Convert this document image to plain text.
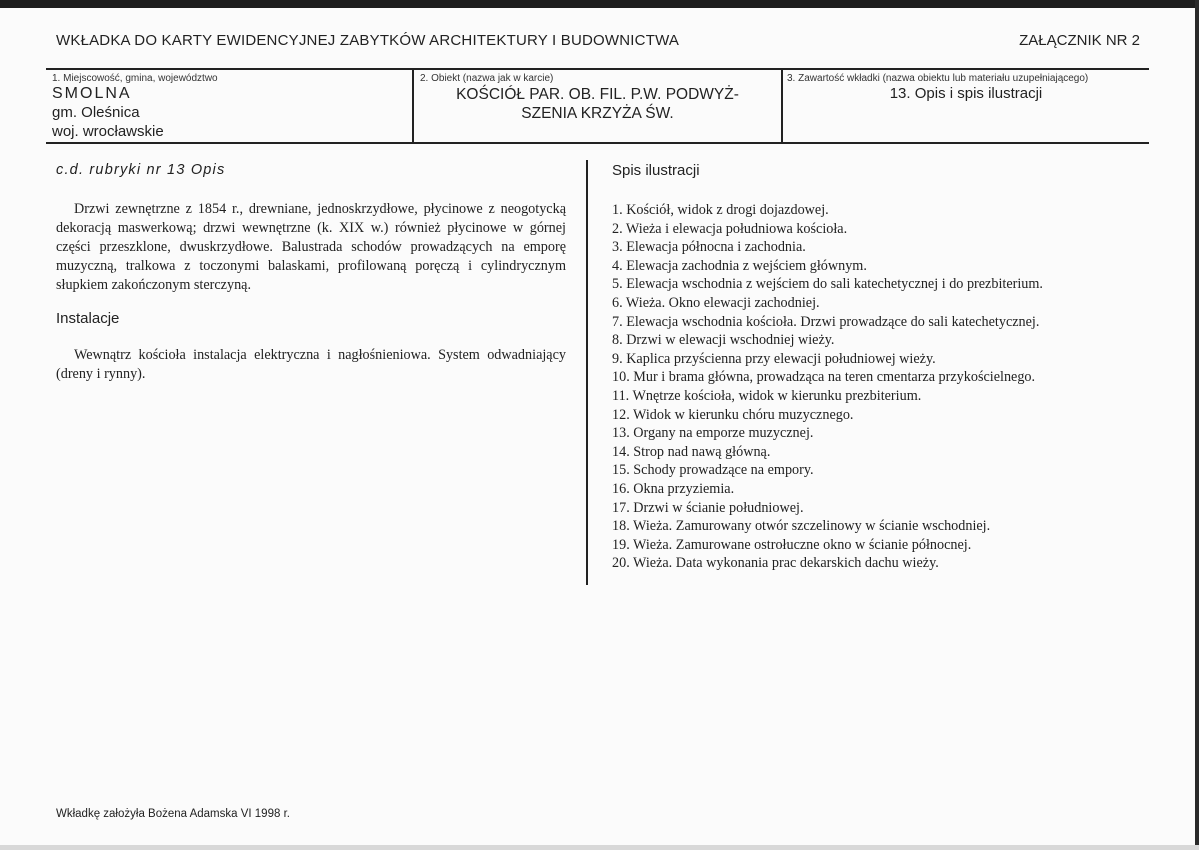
WKŁADKA DO KARTY EWIDENCYJNEJ ZABYTKÓW ARCHITEKTURY I BUDOWNICTWA	ZAŁĄCZNIK NR 2
1. Miejscowość, gmina, województwo
SMOLNA
gm. Oleśnica
woj. wrocławskie
2. Obiekt (nazwa jak w karcie)
KOŚCIÓŁ PAR. OB. FIL. P.W. PODWYŻ-
SZENIA KRZYŻA ŚW.
3. Zawartość wkładki (nazwa obiektu lub materiału uzupełniającego)
13. Opis i spis ilustracji
c.d. rubryki nr 13 Opis

Drzwi zewnętrzne z 1854 r., drewniane, jednoskrzydłowe, płycinowe z neogotycką dekoracją maswerkową; drzwi wewnętrzne (k. XIX w.) również płycinowe w górnej części przeszklone, dwuskrzydłowe. Balustrada schodów prowadzących na emporę muzyczną, tralkowa z toczonymi balaskami, profilowaną poręczą i cylindrycznym słupkiem zakończonym sterczyną.

Instalacje

Wewnątrz kościoła instalacja elektryczna i nagłośnieniowa. System odwadniający (dreny i rynny).

Spis ilustracji
1. Kościół, widok z drogi dojazdowej.
2. Wieża i elewacja południowa kościoła.
3. Elewacja północna i zachodnia.
4. Elewacja zachodnia z wejściem głównym.
5. Elewacja wschodnia z wejściem do sali katechetycznej i do prezbiterium.
6. Wieża. Okno elewacji zachodniej.
7. Elewacja wschodnia kościoła. Drzwi prowadzące do sali katechetycznej.
8. Drzwi w elewacji wschodniej wieży.
9. Kaplica przyścienna przy elewacji południowej wieży.
10. Mur i brama główna, prowadząca na teren cmentarza przykościelnego.
11. Wnętrze kościoła, widok w kierunku prezbiterium.
12. Widok w kierunku chóru muzycznego.
13. Organy na emporze muzycznej.
14. Strop nad nawą główną.
15. Schody prowadzące na empory.
16. Okna przyziemia.
17. Drzwi w ścianie południowej.
18. Wieża. Zamurowany otwór szczelinowy w ścianie wschodniej.
19. Wieża. Zamurowane ostrołuczne okno w ścianie północnej.
20. Wieża. Data wykonania prac dekarskich dachu wieży.
Wkładkę założyła Bożena Adamska VI 1998 r.
